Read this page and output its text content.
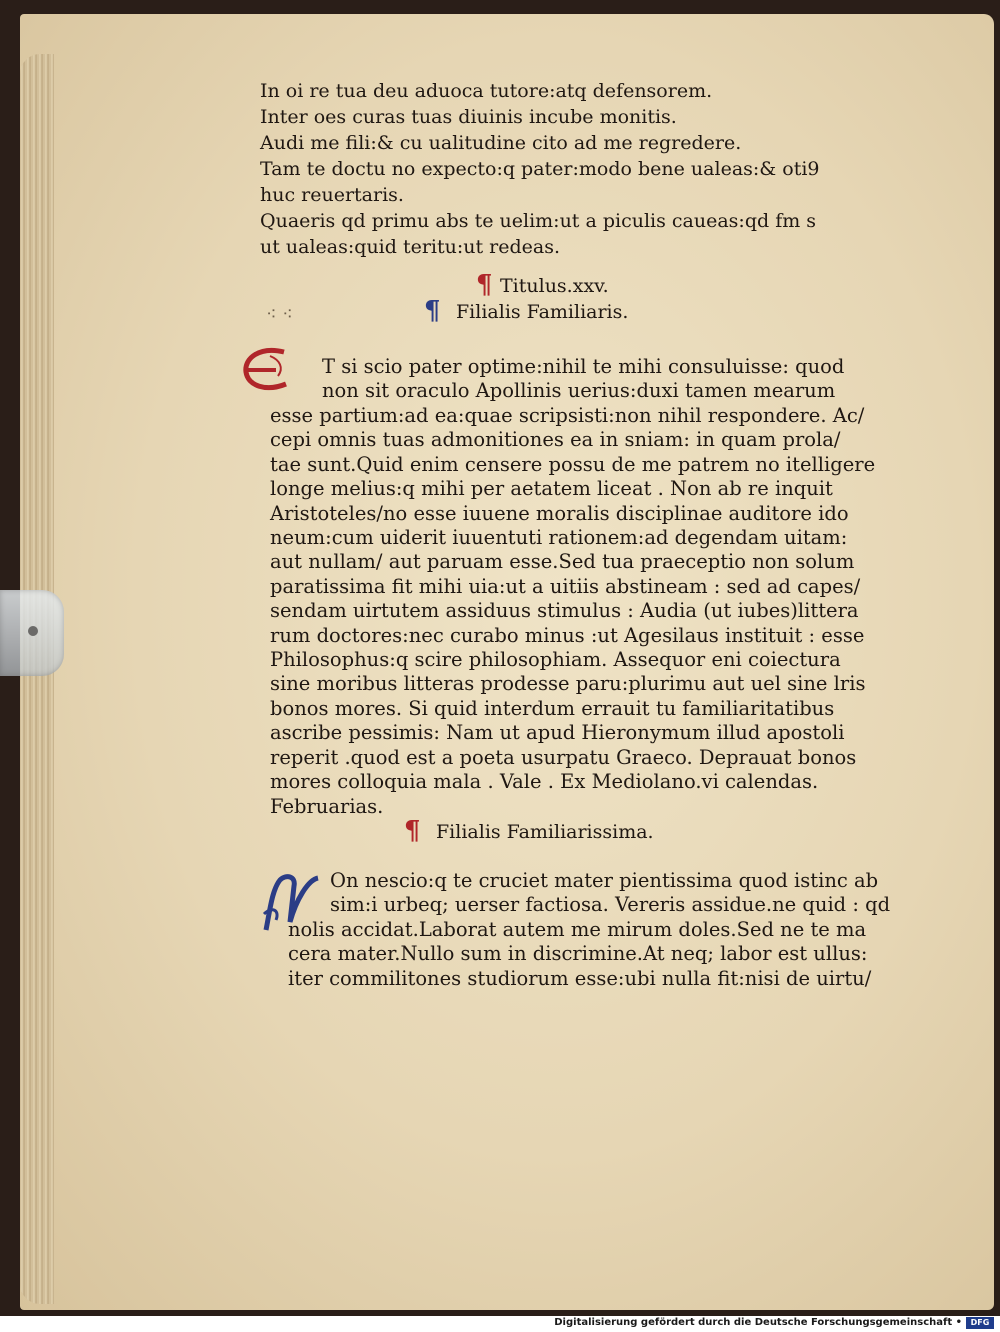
In oi re tua deu aduoca tutore:atq defensorem.
Inter oes curas tuas diuinis incube monitis.
Audi me fili:& cu ualitudine cito ad me regredere.
Tam te doctu no expecto:q pater:modo bene ualeas:& oti9
huc reuertaris.
Quaeris qd primu abs te uelim:ut a piculis caueas:qd fm s
ut ualeas:quid teritu:ut redeas.
¶ Titulus.xxv.
¶ Filialis Familiaris.
⁖ ⁖
T si scio pater optime:nihil te mihi consuluisse: quod
non sit oraculo Apollinis uerius:duxi tamen mearum
esse partium:ad ea:quae scripsisti:non nihil respondere. Ac/
cepi omnis tuas admonitiones ea in sniam: in quam prola/
tae sunt.Quid enim censere possu de me patrem no itelligere
longe melius:q mihi per aetatem liceat . Non ab re inquit
Aristoteles/no esse iuuene moralis disciplinae auditore ido
neum:cum uiderit iuuentuti rationem:ad degendam uitam:
aut nullam/ aut paruam esse.Sed tua praeceptio non solum
paratissima fit mihi uia:ut a uitiis abstineam : sed ad capes/
sendam uirtutem assiduus stimulus : Audia (ut iubes)littera
rum doctores:nec curabo minus :ut Agesilaus instituit : esse
Philosophus:q scire philosophiam. Assequor eni coiectura
sine moribus litteras prodesse paru:plurimu aut uel sine lris
bonos mores. Si quid interdum errauit tu familiaritatibus
ascribe pessimis: Nam ut apud Hieronymum illud apostoli
reperit .quod est a poeta usurpatu Graeco. Deprauat bonos
mores colloquia mala . Vale . Ex Mediolano.vi calendas.
Februarias.
¶ Filialis Familiarissima.
On nescio:q te cruciet mater pientissima quod istinc ab
sim:i urbeq; uerser factiosa. Vereris assidue.ne quid : qd
nolis accidat.Laborat autem me mirum doles.Sed ne te ma
cera mater.Nullo sum in discrimine.At neq; labor est ullus:
iter commilitones studiorum esse:ubi nulla fit:nisi de uirtu/
Digitalisierung gefördert durch die Deutsche Forschungsgemeinschaft •	DFG
